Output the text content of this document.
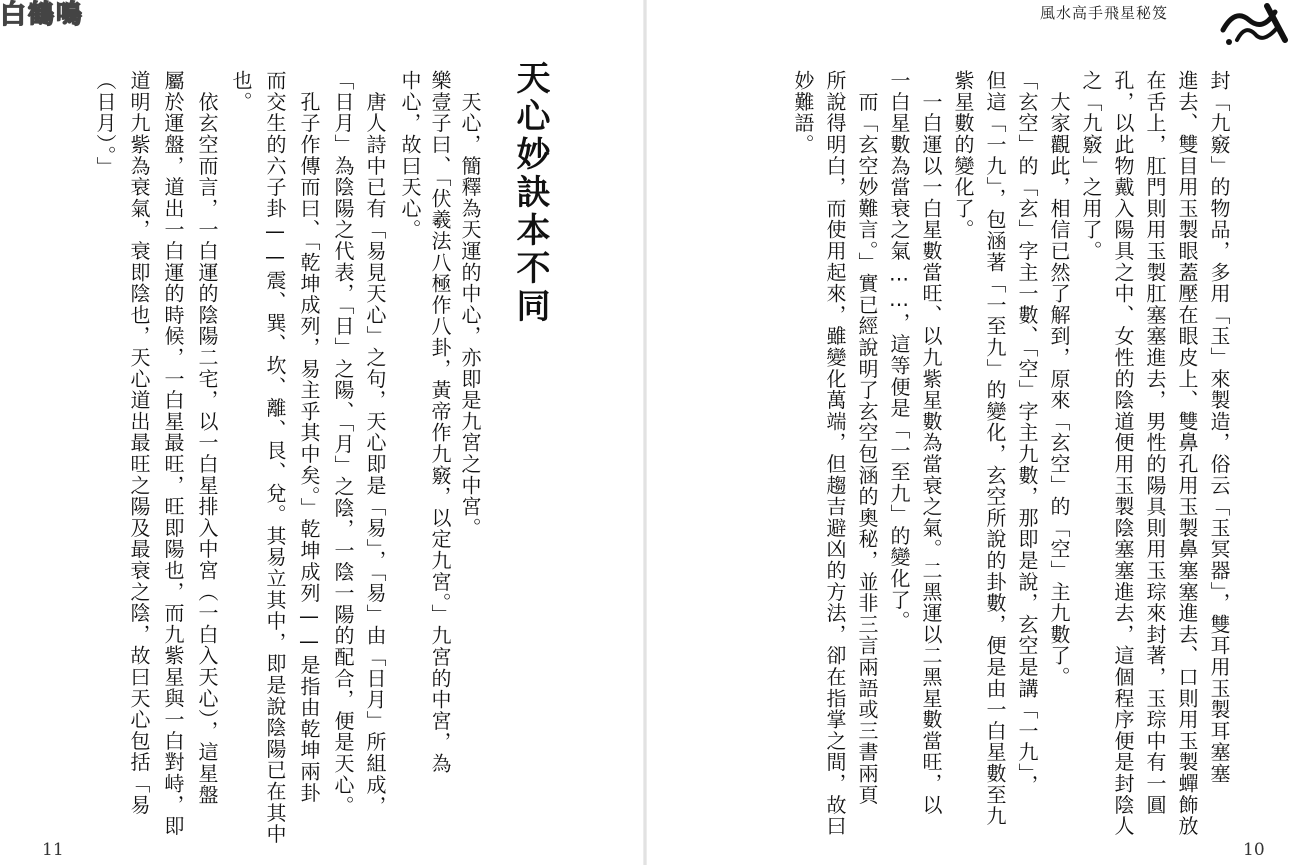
白鶴鳴
天心妙訣本不同
　天心，簡釋為天運的中心，亦即是九宮之中宮。
樂壹子曰、「伏羲法八極作八卦，黃帝作九竅，以定九宮。」九宮的中宮，為
中心，故曰天心。
　唐人詩中已有「易見天心」之句，天心即是「易」，「易」由「日月」所組成，
「日月」為陰陽之代表，「日」之陽、「月」之陰，一陰一陽的配合，便是天心。
　孔子作傳而曰、「乾坤成列，易主乎其中矣。」乾坤成列——是指由乾坤兩卦
而交生的六子卦——震、巽、坎、離、艮、兌。其易立其中，即是說陰陽已在其中
也。
　依玄空而言，一白運的陰陽二宅，以一白星排入中宮（一白入天心），這星盤
屬於運盤，道出一白運的時候，一白星最旺，旺即陽也，而九紫星與一白對峙，即
道明九紫為衰氣，衰即陰也，天心道出最旺之陽及最衰之陰，故曰天心包括「易
（日月）。」
11
封「九竅」的物品，多用「玉」來製造，俗云「玉冥器」，雙耳用玉製耳塞塞
進去、雙目用玉製眼蓋壓在眼皮上、雙鼻孔用玉製鼻塞塞進去、口則用玉製蟬飾放
在舌上，肛門則用玉製肛塞塞進去，男性的陽具則用玉琮來封著，玉琮中有一圓
孔，以此物戴入陽具之中、女性的陰道便用玉製陰塞塞進去，這個程序便是封陰人
之「九竅」之用了。
　大家觀此，相信已然了解到，原來「玄空」的「空」主九數了。
「玄空」的「玄」字主一數、「空」字主九數，那即是說，玄空是講「一九」，
但這「一九」，包涵著「一至九」的變化，玄空所說的卦數，便是由一白星數至九
紫星數的變化了。
　一白運以一白星數當旺、以九紫星數為當衰之氣。二黑運以二黑星數當旺，以
一白星數為當衰之氣……，這等便是「一至九」的變化了。
　而「玄空妙難言。」實已經說明了玄空包涵的奧秘，並非三言兩語或三書兩頁
所說得明白，而使用起來，雖變化萬端，但趨吉避凶的方法，卻在指掌之間，故曰
妙難語。
10
風水高手飛星秘笈
